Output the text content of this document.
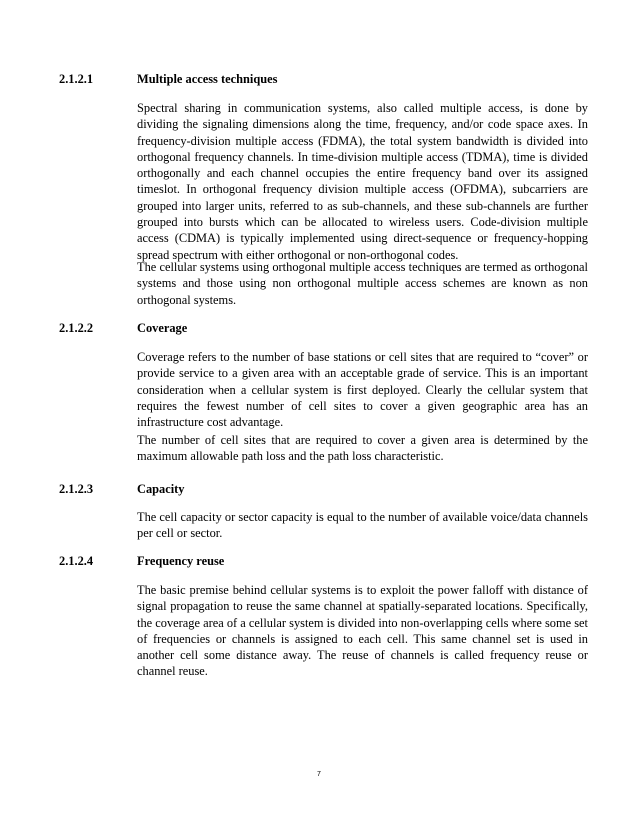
2.1.2.1	Multiple access techniques

Spectral sharing in communication systems, also called multiple access, is done by dividing the signaling dimensions along the time, frequency, and/or code space axes. In frequency-division multiple access (FDMA), the total system bandwidth is divided into orthogonal frequency channels. In time-division multiple access (TDMA), time is divided orthogonally and each channel occupies the entire frequency band over its assigned timeslot. In orthogonal frequency division multiple access (OFDMA), subcarriers are grouped into larger units, referred to as sub-channels, and these sub-channels are further grouped into bursts which can be allocated to wireless users. Code-division multiple access (CDMA) is typically implemented using direct-sequence or frequency-hopping spread spectrum with either orthogonal or non-orthogonal codes.

The cellular systems using orthogonal multiple access techniques are termed as orthogonal systems and those using non orthogonal multiple access schemes are known as non orthogonal systems.

2.1.2.2	Coverage

Coverage refers to the number of base stations or cell sites that are required to “cover” or provide service to a given area with an acceptable grade of service. This is an important consideration when a cellular system is first deployed. Clearly the cellular system that requires the fewest number of cell sites to cover a given geographic area has an infrastructure cost advantage.

The number of cell sites that are required to cover a given area is determined by the maximum allowable path loss and the path loss characteristic.

2.1.2.3	Capacity

The cell capacity or sector capacity is equal to the number of available voice/data channels per cell or sector.

2.1.2.4	Frequency reuse

The basic premise behind cellular systems is to exploit the power falloff with distance of signal propagation to reuse the same channel at spatially-separated locations. Specifically, the coverage area of a cellular system is divided into non-overlapping cells where some set of frequencies or channels is assigned to each cell. This same channel set is used in another cell some distance away. The reuse of channels is called frequency reuse or channel reuse.

7
